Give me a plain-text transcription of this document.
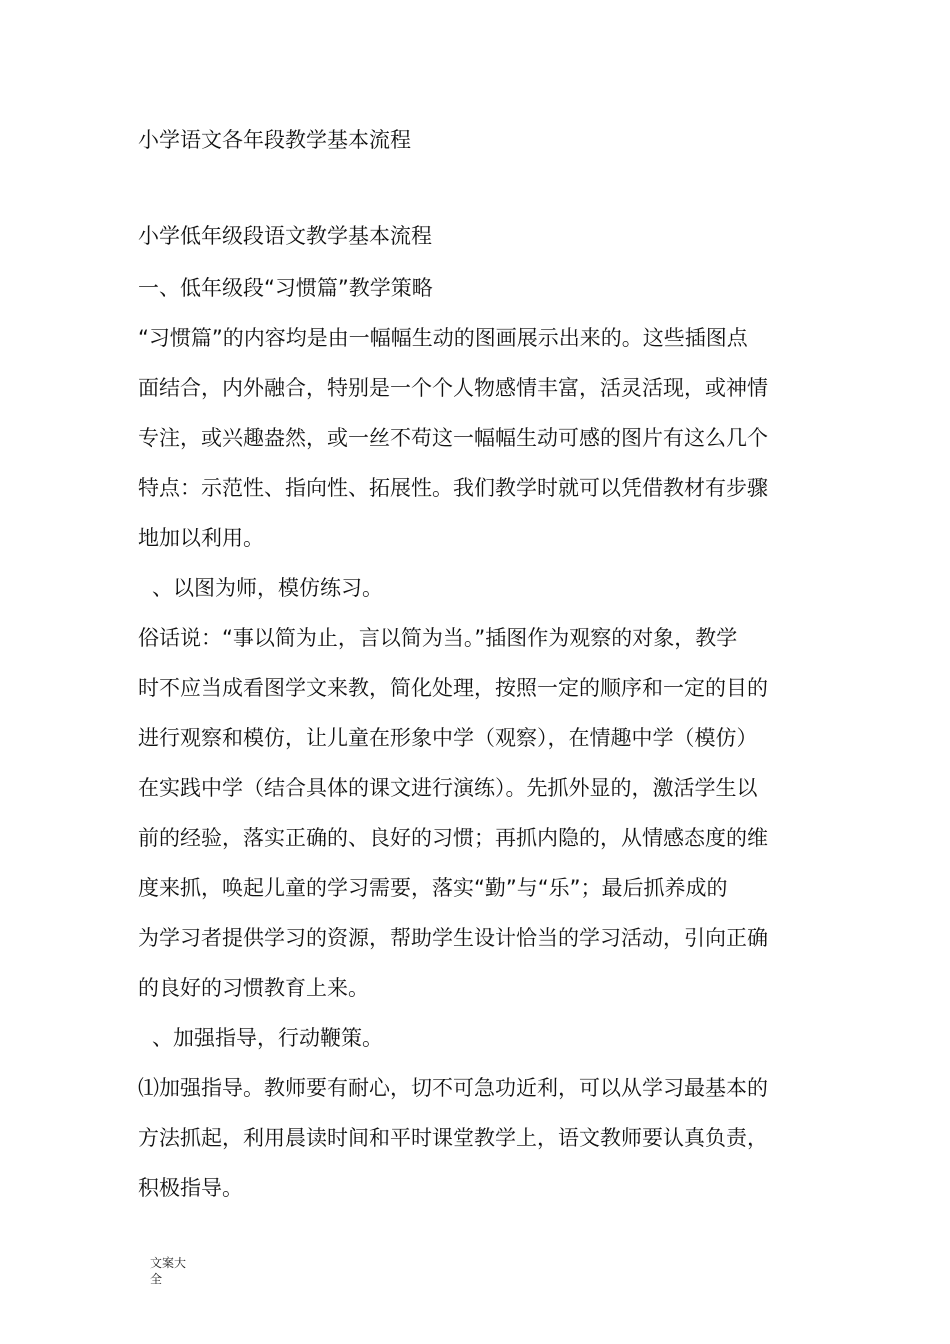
小学语文各年段教学基本流程
小学低年级段语文教学基本流程
一、低年级段“习惯篇”教学策略
“习惯篇”的内容均是由一幅幅生动的图画展示出来的。这些插图点
面结合，内外融合，特别是一个个人物感情丰富，活灵活现，或神情
专注，或兴趣盎然，或一丝不苟这一幅幅生动可感的图片有这么几个
特点：示范性、指向性、拓展性。我们教学时就可以凭借教材有步骤
地加以利用。
、以图为师，模仿练习。
俗话说：“事以简为止，言以简为当。”插图作为观察的对象，教学
时不应当成看图学文来教，简化处理，按照一定的顺序和一定的目的
进行观察和模仿，让儿童在形象中学（观察），在情趣中学（模仿）
在实践中学（结合具体的课文进行演练）。先抓外显的，激活学生以
前的经验，落实正确的、良好的习惯；再抓内隐的，从情感态度的维
度来抓，唤起儿童的学习需要，落实“勤”与“乐”；最后抓养成的
为学习者提供学习的资源，帮助学生设计恰当的学习活动，引向正确
的良好的习惯教育上来。
、加强指导，行动鞭策。
⑴加强指导。教师要有耐心，切不可急功近利，可以从学习最基本的
方法抓起，利用晨读时间和平时课堂教学上，语文教师要认真负责，
积极指导。
文案大
全
